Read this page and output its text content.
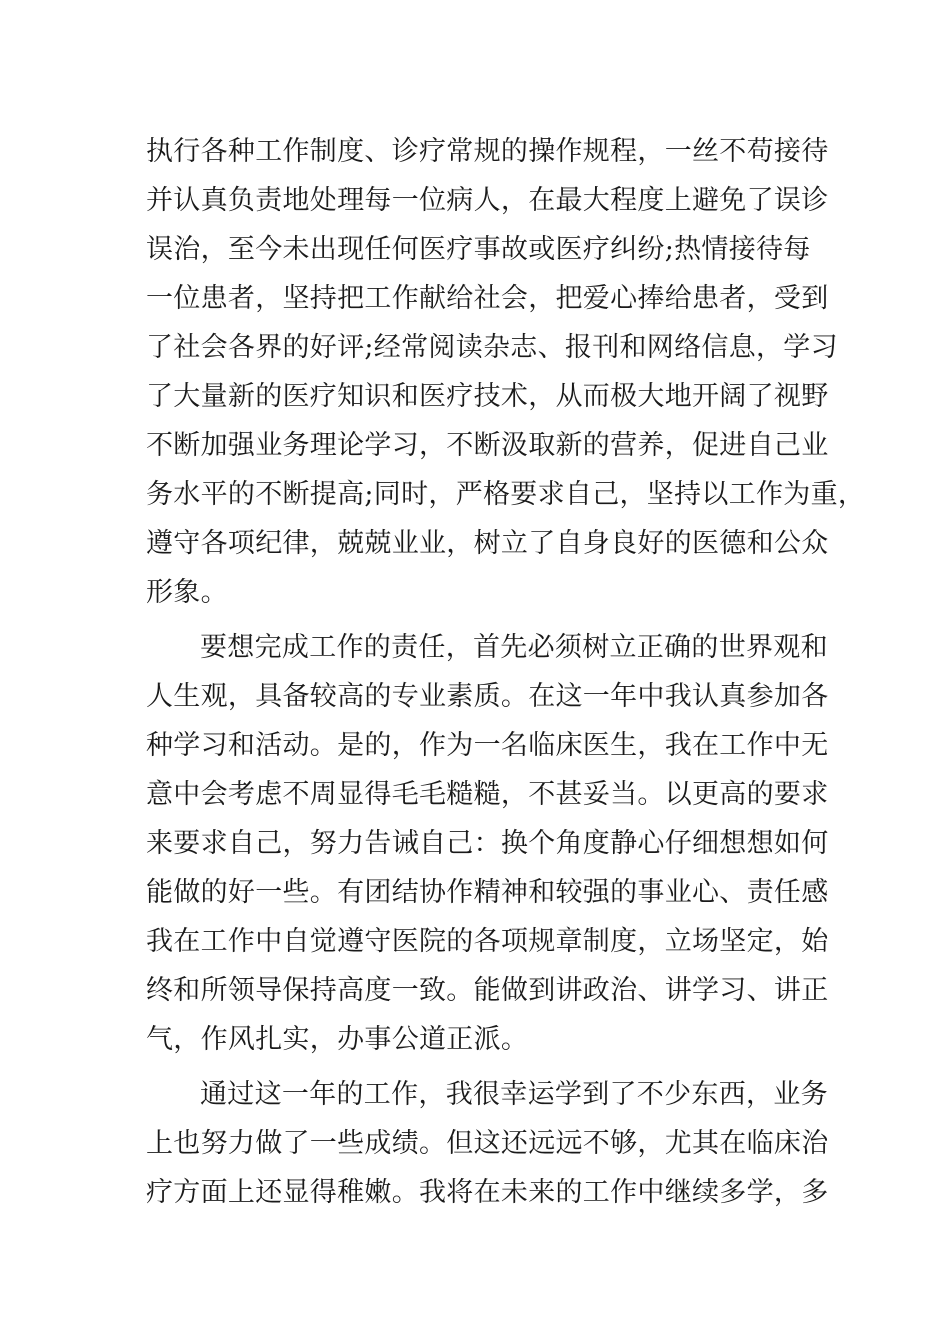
执行各种工作制度、诊疗常规的操作规程，一丝不苟接待
并认真负责地处理每一位病人，在最大程度上避免了误诊
误治，至今未出现任何医疗事故或医疗纠纷;热情接待每
一位患者，坚持把工作献给社会，把爱心捧给患者，受到
了社会各界的好评;经常阅读杂志、报刊和网络信息，学习
了大量新的医疗知识和医疗技术，从而极大地开阔了视野
不断加强业务理论学习，不断汲取新的营养，促进自己业
务水平的不断提高;同时，严格要求自己，坚持以工作为重，
遵守各项纪律，兢兢业业，树立了自身良好的医德和公众
形象。
要想完成工作的责任，首先必须树立正确的世界观和
人生观，具备较高的专业素质。在这一年中我认真参加各
种学习和活动。是的，作为一名临床医生，我在工作中无
意中会考虑不周显得毛毛糙糙，不甚妥当。以更高的要求
来要求自己，努力告诫自己：换个角度静心仔细想想如何
能做的好一些。有团结协作精神和较强的事业心、责任感
我在工作中自觉遵守医院的各项规章制度，立场坚定，始
终和所领导保持高度一致。能做到讲政治、讲学习、讲正
气，作风扎实，办事公道正派。
通过这一年的工作，我很幸运学到了不少东西，业务
上也努力做了一些成绩。但这还远远不够，尤其在临床治
疗方面上还显得稚嫩。我将在未来的工作中继续多学，多
